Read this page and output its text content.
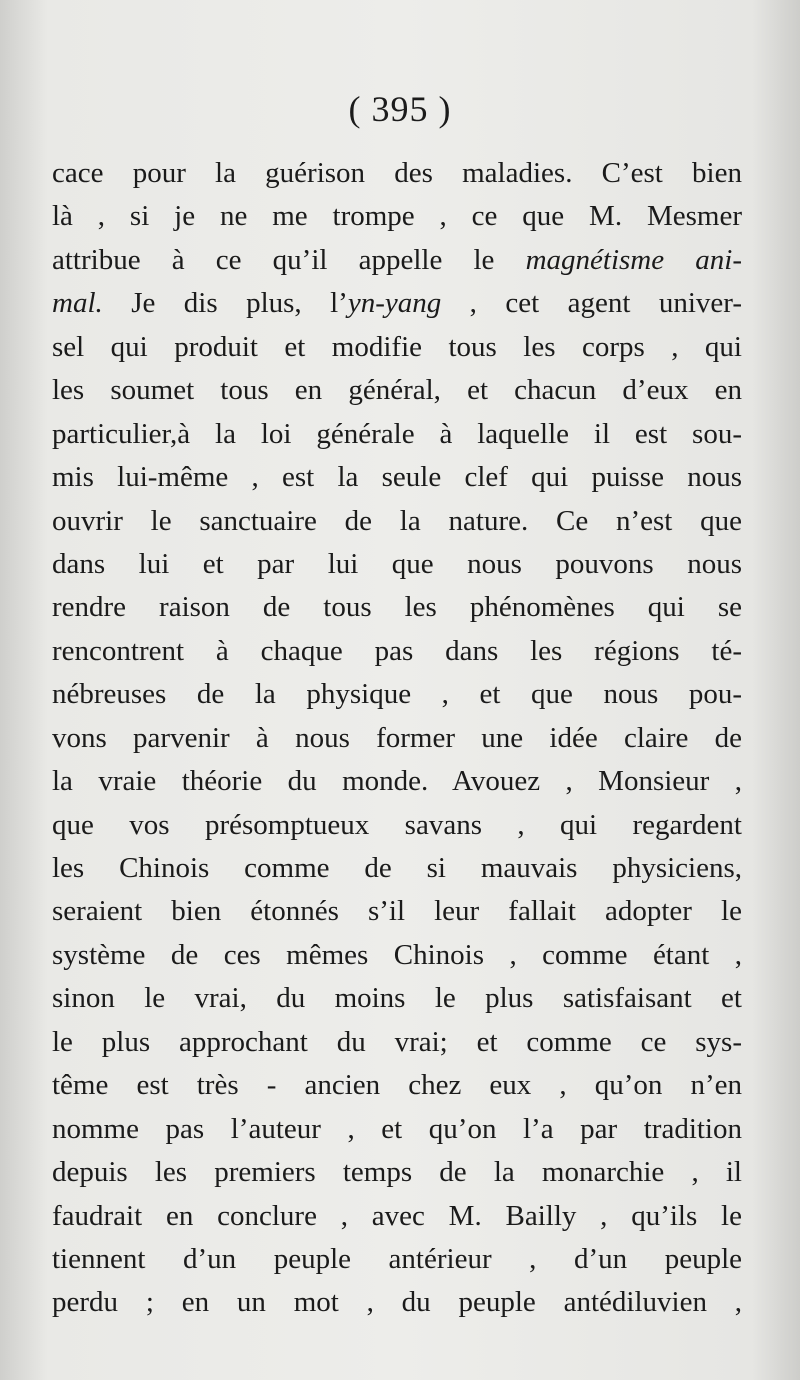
( 395 )
cace pour la guérison des maladies. C’est bien
là , si je ne me trompe , ce que M. Mesmer
attribue à ce qu’il appelle le magnétisme ani-
mal. Je dis plus, l’yn-yang , cet agent univer-
sel qui produit et modifie tous les corps , qui
les soumet tous en général, et chacun d’eux en
particulier,à la loi générale à laquelle il est sou-
mis lui-même , est la seule clef qui puisse nous
ouvrir le sanctuaire de la nature. Ce n’est que
dans lui et par lui que nous pouvons nous
rendre raison de tous les phénomènes qui se
rencontrent à chaque pas dans les régions té-
nébreuses de la physique , et que nous pou-
vons parvenir à nous former une idée claire de
la vraie théorie du monde. Avouez , Monsieur ,
que vos présomptueux savans , qui regardent
les Chinois comme de si mauvais physiciens,
seraient bien étonnés s’il leur fallait adopter le
système de ces mêmes Chinois , comme étant ,
sinon le vrai, du moins le plus satisfaisant et
le plus approchant du vrai; et comme ce sys-
tême est très - ancien chez eux , qu’on n’en
nomme pas l’auteur , et qu’on l’a par tradition
depuis les premiers temps de la monarchie , il
faudrait en conclure , avec M. Bailly , qu’ils le
tiennent d’un peuple antérieur , d’un peuple
perdu ; en un mot , du peuple antédiluvien ,
